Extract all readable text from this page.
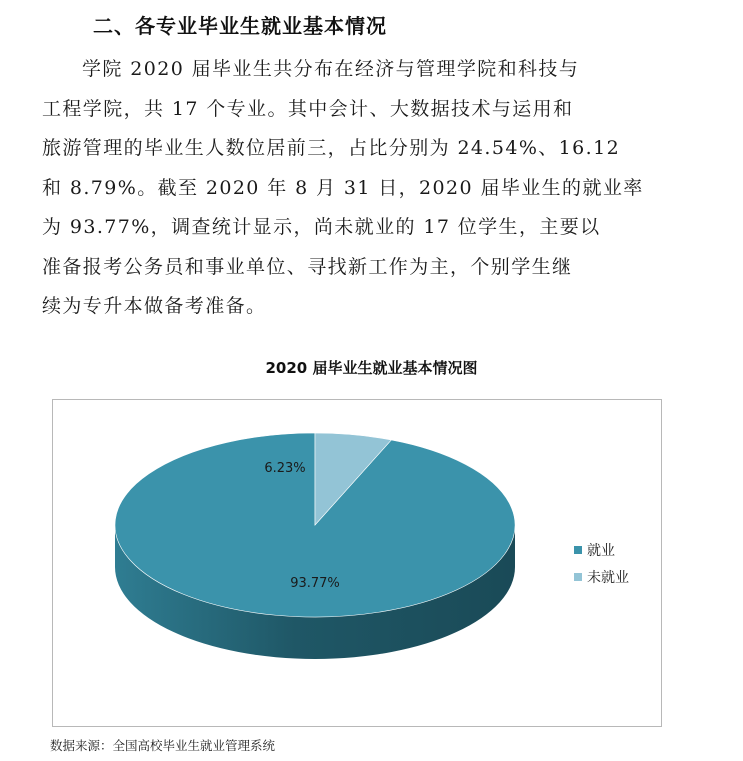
二、各专业毕业生就业基本情况
学院 2020 届毕业生共分布在经济与管理学院和科技与
工程学院，共 17 个专业。其中会计、大数据技术与运用和
旅游管理的毕业生人数位居前三，占比分别为 24.54%、16.12
和 8.79%。截至 2020 年 8 月 31 日，2020 届毕业生的就业率
为 93.77%，调查统计显示，尚未就业的 17 位学生，主要以
准备报考公务员和事业单位、寻找新工作为主，个别学生继
续为专升本做备考准备。
2020 届毕业生就业基本情况图
93.77%
6.23%
就业
未就业
数据来源：全国高校毕业生就业管理系统
